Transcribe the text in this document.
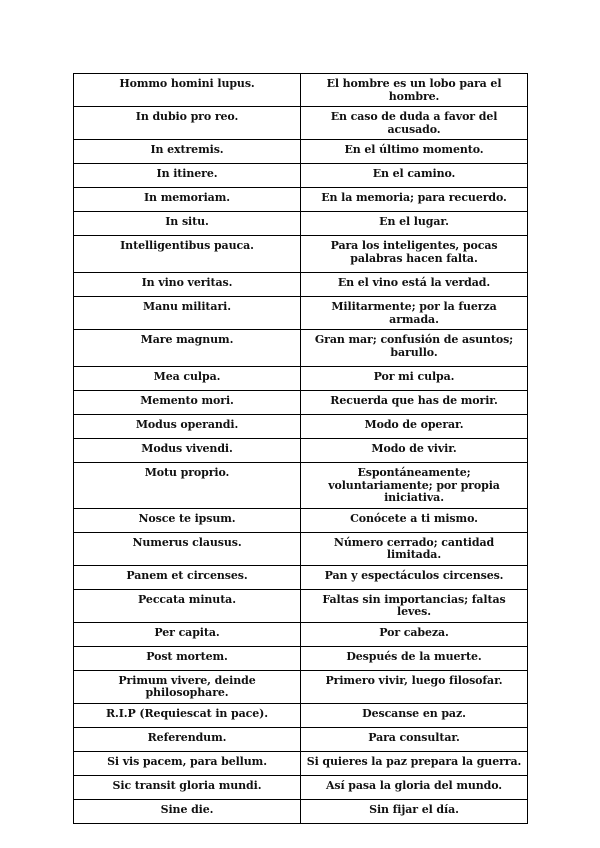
Hommo homini lupus.	El hombre es un lobo para el hombre.
In dubio pro reo.	En caso de duda a favor del acusado.
In extremis.	En el último momento.
In itinere.	En el camino.
In memoriam.	En la memoria; para recuerdo.
In situ.	En el lugar.
Intelligentibus pauca.	Para los inteligentes, pocas palabras hacen falta.
In vino veritas.	En el vino está la verdad.
Manu militari.	Militarmente; por la fuerza armada.
Mare magnum.	Gran mar; confusión de asuntos; barullo.
Mea culpa.	Por mi culpa.
Memento mori.	Recuerda que has de morir.
Modus operandi.	Modo de operar.
Modus vivendi.	Modo de vivir.
Motu proprio.	Espontáneamente; voluntariamente; por propia iniciativa.
Nosce te ipsum.	Conócete a ti mismo.
Numerus clausus.	Número cerrado; cantidad limitada.
Panem et circenses.	Pan y espectáculos circenses.
Peccata minuta.	Faltas sin importancias; faltas leves.
Per capita.	Por cabeza.
Post mortem.	Después de la muerte.
Primum vivere, deinde philosophare.	Primero vivir, luego filosofar.
R.I.P (Requiescat in pace).	Descanse en paz.
Referendum.	Para consultar.
Si vis pacem, para bellum.	Si quieres la paz prepara la guerra.
Sic transit gloria mundi.	Así pasa la gloria del mundo.
Sine die.	Sin fijar el día.
